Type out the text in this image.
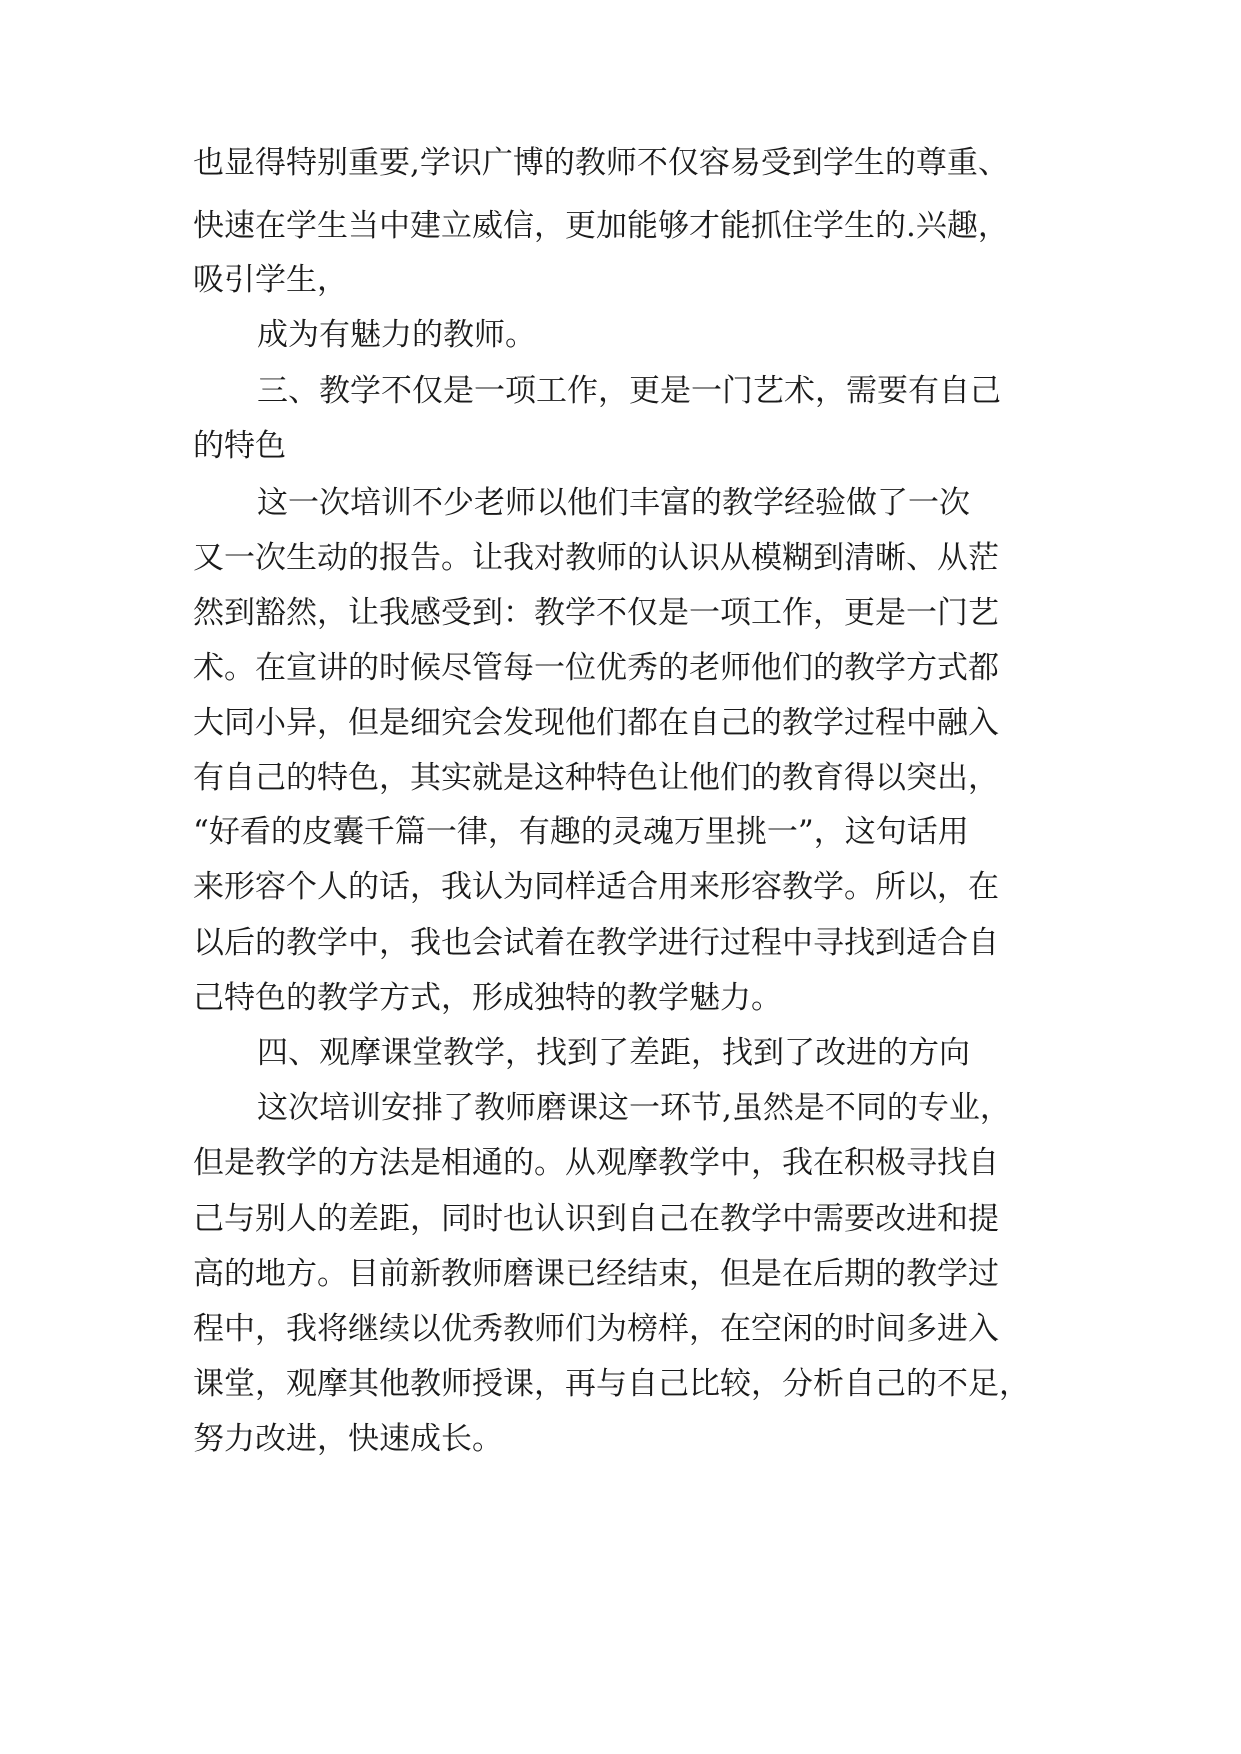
也显得特别重要,学识广博的教师不仅容易受到学生的尊重、
快速在学生当中建立威信，更加能够才能抓住学生的.兴趣，
吸引学生，
成为有魅力的教师。
三、教学不仅是一项工作，更是一门艺术，需要有自己
的特色
这一次培训不少老师以他们丰富的教学经验做了一次
又一次生动的报告。让我对教师的认识从模糊到清晰、从茫
然到豁然，让我感受到：教学不仅是一项工作，更是一门艺
术。在宣讲的时候尽管每一位优秀的老师他们的教学方式都
大同小异，但是细究会发现他们都在自己的教学过程中融入
有自己的特色，其实就是这种特色让他们的教育得以突出，
“好看的皮囊千篇一律，有趣的灵魂万里挑一”，这句话用
来形容个人的话，我认为同样适合用来形容教学。所以，在
以后的教学中，我也会试着在教学进行过程中寻找到适合自
己特色的教学方式，形成独特的教学魅力。
四、观摩课堂教学，找到了差距，找到了改进的方向
这次培训安排了教师磨课这一环节,虽然是不同的专业，
但是教学的方法是相通的。从观摩教学中，我在积极寻找自
己与别人的差距，同时也认识到自己在教学中需要改进和提
高的地方。目前新教师磨课已经结束，但是在后期的教学过
程中，我将继续以优秀教师们为榜样，在空闲的时间多进入
课堂，观摩其他教师授课，再与自己比较，分析自己的不足，
努力改进，快速成长。
